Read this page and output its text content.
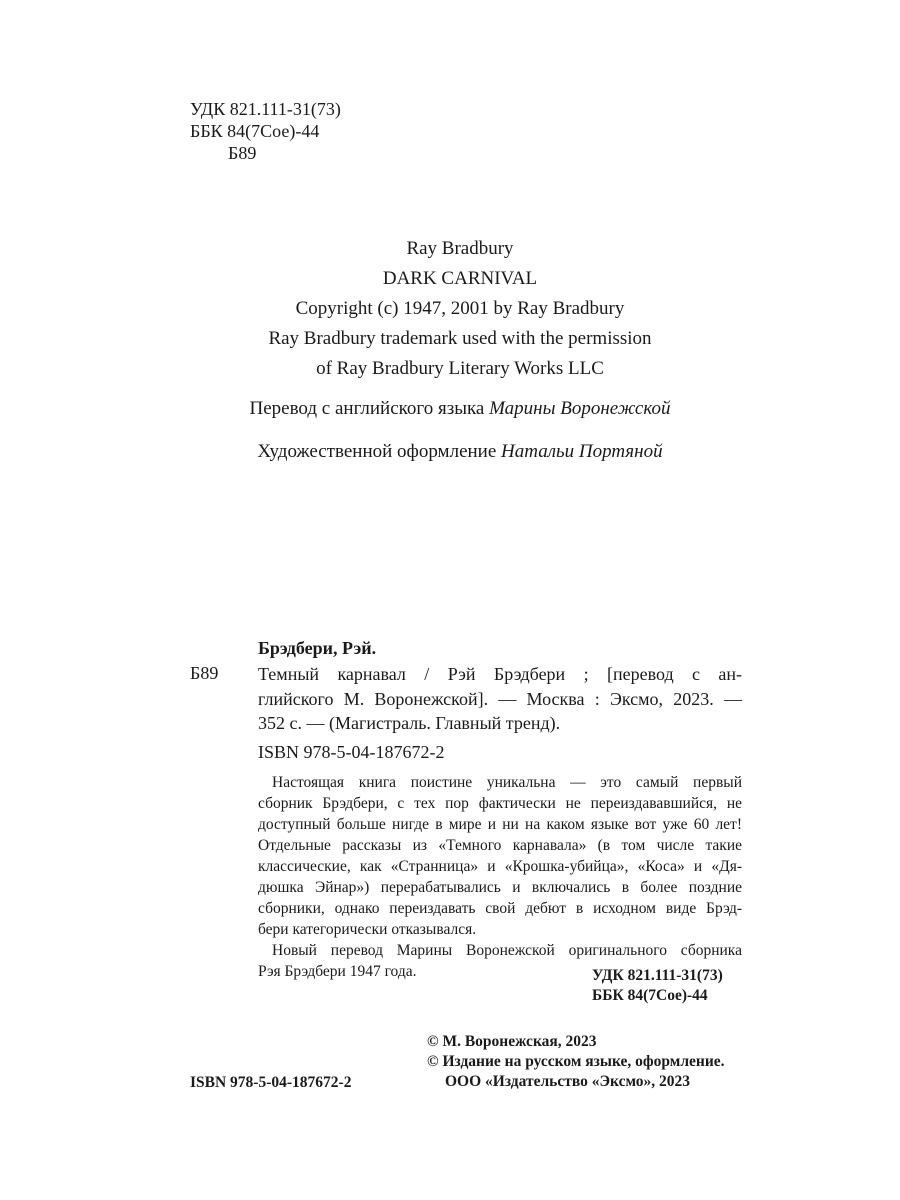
УДК 821.111-31(73)
ББК 84(7Сое)-44
Б89
Ray Bradbury
DARK CARNIVAL
Copyright (c) 1947, 2001 by Ray Bradbury
Ray Bradbury trademark used with the permission
of Ray Bradbury Literary Works LLC
Перевод с английского языка Марины Воронежской
Художественной оформление Натальи Портяной
Брэдбери, Рэй.
Б89 Темный карнавал / Рэй Брэдбери ; [перевод с ан-
глийского М. Воронежской]. — Москва : Эксмо, 2023. —
352 с. — (Магистраль. Главный тренд).
ISBN 978-5-04-187672-2
Настоящая книга поистине уникальна — это самый первый
сборник Брэдбери, с тех пор фактически не переиздававшийся, не
доступный больше нигде в мире и ни на каком языке вот уже 60 лет!
Отдельные рассказы из «Темного карнавала» (в том числе такие
классические, как «Странница» и «Крошка-убийца», «Коса» и «Дя-
дюшка Эйнар») перерабатывались и включались в более поздние
сборники, однако переиздавать свой дебют в исходном виде Брэд-
бери категорически отказывался.
Новый перевод Марины Воронежской оригинального сборника
Рэя Брэдбери 1947 года.	УДК 821.111-31(73)
ББК 84(7Сое)-44
© М. Воронежская, 2023
© Издание на русском языке, оформление.
ООО «Издательство «Эксмо», 2023
ISBN 978-5-04-187672-2
